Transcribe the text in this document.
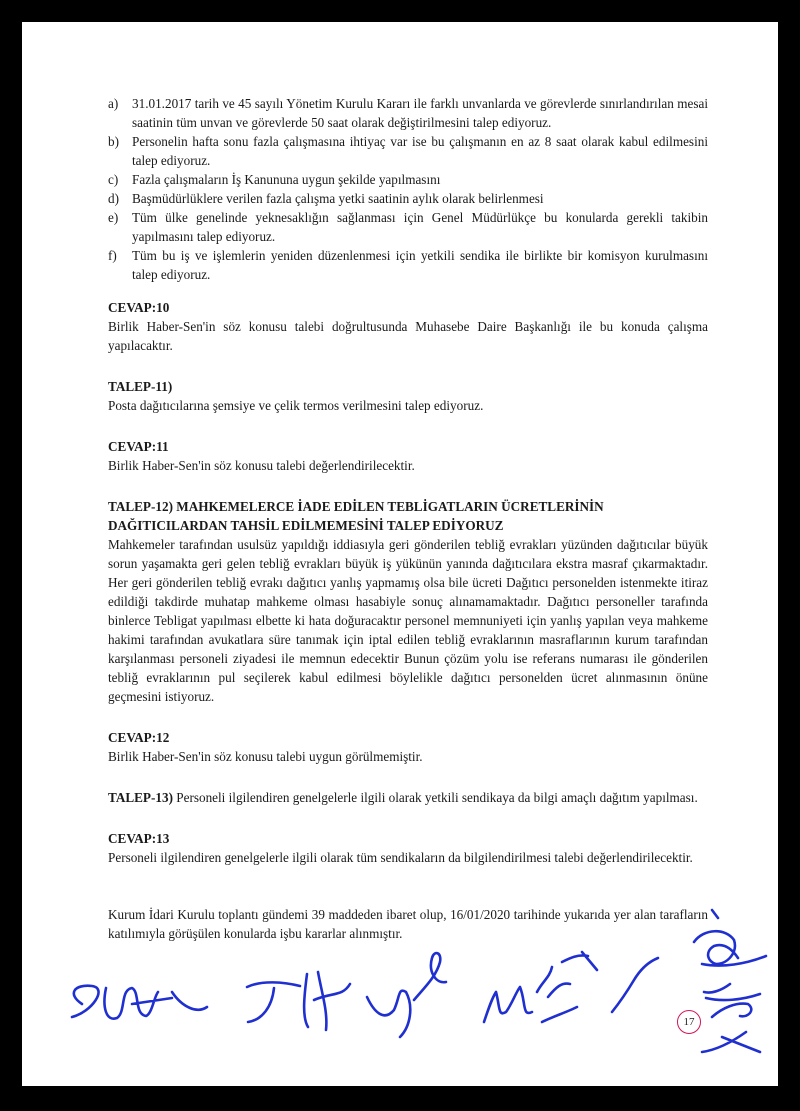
a) 31.01.2017 tarih ve 45 sayılı Yönetim Kurulu Kararı ile farklı unvanlarda ve görevlerde sınırlandırılan mesai saatinin tüm unvan ve görevlerde 50 saat olarak değiştirilmesini talep ediyoruz.
b) Personelin hafta sonu fazla çalışmasına ihtiyaç var ise bu çalışmanın en az 8 saat olarak kabul edilmesini talep ediyoruz.
c) Fazla çalışmaların İş Kanununa uygun şekilde yapılmasını
d) Başmüdürlüklere verilen fazla çalışma yetki saatinin aylık olarak belirlenmesi
e) Tüm ülke genelinde yeknesaklığın sağlanması için Genel Müdürlükçe bu konularda gerekli takibin yapılmasını talep ediyoruz.
f) Tüm bu iş ve işlemlerin yeniden düzenlenmesi için yetkili sendika ile birlikte bir komisyon kurulmasını talep ediyoruz.
CEVAP:10

Birlik Haber-Sen'in söz konusu talebi doğrultusunda Muhasebe Daire Başkanlığı ile bu konuda çalışma yapılacaktır.

TALEP-11)

Posta dağıtıcılarına şemsiye ve çelik termos verilmesini talep ediyoruz.

CEVAP:11

Birlik Haber-Sen'in söz konusu talebi değerlendirilecektir.

TALEP-12) MAHKEMELERCE İADE EDİLEN TEBLİGATLARIN ÜCRETLERİNİN DAĞITICILARDAN TAHSİL EDİLMEMESİNİ TALEP EDİYORUZ

Mahkemeler tarafından usulsüz yapıldığı iddiasıyla geri gönderilen tebliğ evrakları yüzünden dağıtıcılar büyük sorun yaşamakta geri gelen tebliğ evrakları büyük iş yükünün yanında dağıtıcılara ekstra masraf çıkarmaktadır. Her geri gönderilen tebliğ evrakı dağıtıcı yanlış yapmamış olsa bile ücreti Dağıtıcı personelden istenmekte itiraz edildiği takdirde muhatap mahkeme olması hasabiyle sonuç alınamamaktadır. Dağıtıcı personeller tarafında binlerce Tebligat yapılması elbette ki hata doğuracaktır personel memnuniyeti için yanlış yapılan veya mahkeme hakimi tarafından avukatlara süre tanımak için iptal edilen tebliğ evraklarının masraflarının kurum tarafından karşılanması personeli ziyadesi ile memnun edecektir Bunun çözüm yolu ise referans numarası ile gönderilen tebliğ evraklarının pul seçilerek kabul edilmesi böylelikle dağıtıcı personelden ücret alınmasının önüne geçmesini istiyoruz.

CEVAP:12

Birlik Haber-Sen'in söz konusu talebi uygun görülmemiştir.

TALEP-13) Personeli ilgilendiren genelgelerle ilgili olarak yetkili sendikaya da bilgi amaçlı dağıtım yapılması.

CEVAP:13

Personeli ilgilendiren genelgelerle ilgili olarak tüm sendikaların da bilgilendirilmesi talebi değerlendirilecektir.

Kurum İdari Kurulu toplantı gündemi 39 maddeden ibaret olup, 16/01/2020 tarihinde yukarıda yer alan tarafların katılımıyla görüşülen konularda işbu kararlar alınmıştır.

17
